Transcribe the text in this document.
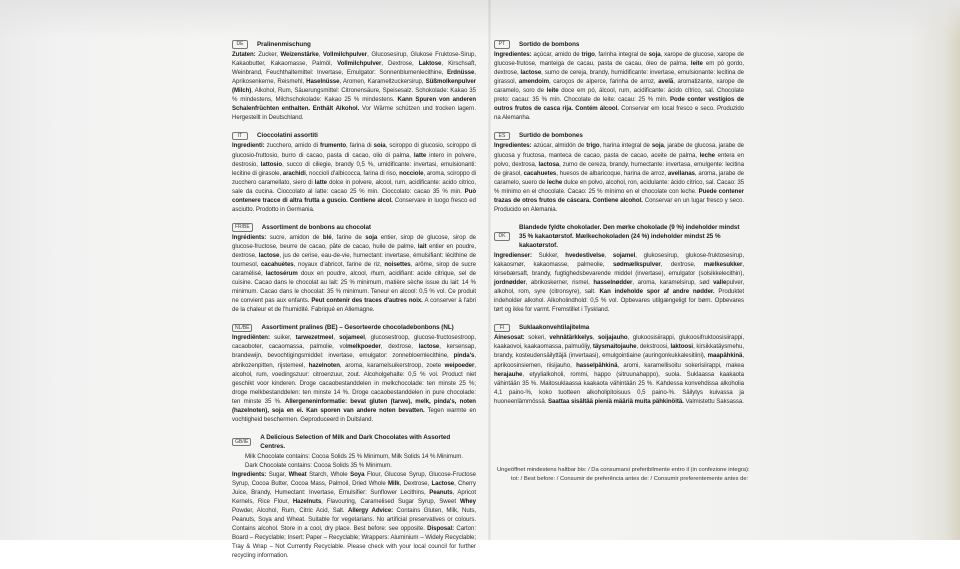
DE	Pralinenmischung
Zutaten: Zucker, Weizenstärke, Vollmilchpulver, Glucosesirup, Glukose Fruktose-Sirup, Kakaobutter, Kakaomasse, Palmöl, Vollmilchpulver, Dextrose, Laktose, Kirschsaft, Weinbrand, Feuchthaltemittel: Invertase, Emulgator: Sonnenblumenlecithine, Erdnüsse, Aprikosenkerne, Reismehl, Haselnüsse, Aromen, Karamellzuckersirup, Süßmolkenpulver (Milch), Alkohol, Rum, Säuerungsmittel: Citronensäure, Speisesalz. Schokolade: Kakao 35 % mindestens, Milchschokolade: Kakao 25 % mindestens. Kann Spuren von anderen Schalenfrüchten enthalten. Enthält Alkohol. Vor Wärme schützen und trocken lagern. Hergestellt in Deutschland.
IT	Cioccolatini assortiti
Ingredienti: zucchero, amido di frumento, farina di soia, sciroppo di glucosio, sciroppo di glucosio-fruttosio, burro di cacao, pasta di cacao, olio di palma, latte intero in polvere, destrosio, lattosio, succo di ciliegie, brandy 0,5 %, umidificante: invertasi, emulsionanti: lecitine di girasole, arachidi, noccioli d'albicocca, farina di riso, nocciole, aroma, sciroppo di zucchero caramellato, siero di latte dolce in polvere, alcool, rum, acidificante: acido citrico, sale da cucina. Cioccolato al latte: cacao 25 % min. Cioccolato: cacao 35 % min. Può contenere tracce di altra frutta a guscio. Contiene alcol. Conservare in luogo fresco ed asciutto. Prodotto in Germania.
FR/BE	Assortiment de bonbons au chocolat
Ingrédients: sucre, amidon de blé, farine de soja entier, sirop de glucose, sirop de glucose-fructose, beurre de cacao, pâte de cacao, huile de palme, lait entier en poudre, dextrose, lactose, jus de cerise, eau-de-vie, humectant: invertase, émulsifiant: lécithine de tournesol, cacahuètes, noyaux d'abricot, farine de riz, noisettes, arôme, sirop de sucre caramélisé, lactosérum doux en poudre, alcool, rhum, acidifiant: acide citrique, sel de cuisine. Cacao dans le chocolat au lait: 25 % minimum, matière sèche issue du lait: 14 % minimum. Cacao dans le chocolat: 35 % minimum. Teneur en alcool: 0,5 % vol. Ce produit ne convient pas aux enfants. Peut contenir des traces d'autres noix. A conserver à l'abri de la chaleur et de l'humidité. Fabriqué en Allemagne.
NL/BE	Assortiment pralines (BE) – Gesorteerde chocoladebonbons (NL)
Ingrediënten: suiker, tarwezetmeel, sojameel, glucosestroop, glucose-fructosestroop, cacaoboter, cacaomassa, palmolie, volmelkpoeder, dextrose, lactose, kersensap, brandewijn, bevochtigingsmiddel: invertase, emulgator: zonnebloemlecithine, pinda's, abrikozenpitten, rijstemeel, hazelnoten, aroma, karamelsuikerstroop, zoete weipoeder, alcohol, rum, voedingszuur: citroenzuur, zout. Alcoholgehalte: 0,5 % vol. Product niet geschikt voor kinderen. Droge cacaobestanddelen in melkchocolade: ten minste 25 %; droge melkbestanddelen: ten minste 14 %. Droge cacaobestanddelen in pure chocolade: ten minste 35 %. Allergeneninformatie: bevat gluten (tarwe), melk, pinda's, noten (hazelnoten), soja en ei. Kan sporen van andere noten bevatten. Tegen warmte en vochtigheid beschermen. Geproduceerd in Duitsland.
GB/IE
A Delicious Selection of Milk and Dark Chocolates with Assorted Centres.
Milk Chocolate contains: Cocoa Solids 25 % Minimum, Milk Solids 14 % Minimum.
Dark Chocolate contains: Cocoa Solids 35 % Minimum.
Ingredients: Sugar, Wheat Starch, Whole Soya Flour, Glucose Syrup, Glucose-Fructose Syrup, Cocoa Butter, Cocoa Mass, Palmoil, Dried Whole Milk, Dextrose, Lactose, Cherry Juice, Brandy, Humectant: Invertase, Emulsifier: Sunflower Lecithins, Peanuts, Apricot Kernels, Rice Flour, Hazelnuts, Flavouring, Caramelised Sugar Syrup, Sweet Whey Powder, Alcohol, Rum, Citric Acid, Salt. Allergy Advice: Contains Gluten, Milk, Nuts, Peanuts, Soya and Wheat. Suitable for vegetarians. No artificial preservatives or colours. Contains alcohol. Store in a cool, dry place. Best before: see opposite. Disposal: Carton: Board – Recyclable; Insert: Paper – Recyclable; Wrappers: Aluminium – Widely Recyclable; Tray & Wrap – Not Currently Recyclable. Please check with your local council for further recycling information.
PT	Sortido de bombons
Ingredientes: açúcar, amido de trigo, farinha integral de soja, xarope de glucose, xarope de glucose-frutose, manteiga de cacau, pasta de cacau, óleo de palma, leite em pó gordo, dextrose, lactose, sumo de cereja, brandy, humidificante: invertase, emulsionante: lecitina de girassol, amendoim, caroços de alperce, farinha de arroz, avelã, aromatizante, xarope de caramelo, soro de leite doce em pó, álcool, rum, acidificante: ácido cítrico, sal. Chocolate preto: cacau: 35 % mín. Chocolate de leite: cacau: 25 % mín. Pode conter vestígios de outros frutos de casca rija. Contém álcool. Conservar em local fresco e seco. Produzido na Alemanha.
ES	Surtido de bombones
Ingredientes: azúcar, almidón de trigo, harina integral de soja, jarabe de glucosa, jarabe de glucosa y fructosa, manteca de cacao, pasta de cacao, aceite de palma, leche entera en polvo, dextrosa, lactosa, zumo de cereza, brandy, humectante: invertasa, emulgente: lecitina de girasol, cacahuetes, huesos de albaricoque, harina de arroz, avellanas, aroma, jarabe de caramelo, suero de leche dulce en polvo, alcohol, ron, acidulante: ácido cítrico, sal. Cacao: 35 % mínimo en el chocolate. Cacao: 25 % mínimo en el chocolate con leche. Puede contener trazas de otros frutos de cáscara. Contiene alcohol. Conservar en un lugar fresco y seco. Producido en Alemania.
DK
Blandede fyldte chokolader. Den mørke chokolade (9 %) indeholder mindst 35 % kakaotørstof. Mælkechokoladen (24 %) indeholder mindst 25 % kakaotørstof.
Ingredienser: Sukker, hvedestivelse, sojamel, glukosesirup, glukose-fruktosesirup, kakaosmør, kakaomasse, palmeolie, sødmælkspulver, dextrose, mælkesukker, kirsebærsaft, brandy, fugtighedsbevarende middel (invertase), emulgator (solsikkelecithin), jordnødder, abrikoskerner, rismel, hasselnødder, aroma, karamelsirup, sød vallepulver, alkohol, rom, syre (citronsyre), salt. Kan indeholde spor af andre nødder. Produktet indeholder alkohol. Alkoholindhold: 0,5 % vol. Opbevares utilgængeligt for børn. Opbevares tørt og ikke for varmt. Fremstillet i Tyskland.
FI	Suklaakonvehtilajitelma
Ainesosat: sokeri, vehnätärkkelys, soijajauho, glukoosisiirappi, glukoosifruktoosisiirappi, kaakaovoi, kaakaomassa, palmuöljy, täysmaitojauhe, dekstroosi, laktoosi, kirsikkatäysmehu, brandy, kosteudensäilyttäjä (invertaasi), emulgointiaine (auringonkukkalesitiini), maapähkinä, aprikoosinsiemen, riisijauho, hasselpähkinä, aromi, karamellisoitu sokerisiirappi, makea herajauhe, etyylialkoholi, rommi, happo (sitruunahappo), suola. Suklaassa kaakaota vähintään 35 %. Maitosuklaassa kaakaota vähintään 25 %. Kahdessa konvehdissa alkoholia 4,1 paino-%, koko tuotteen alkoholipitoisuus 0,5 paino-%. Säilytys kuivassa ja huoneenlämmössä. Saattaa sisältää pieniä määriä muita pähkinöitä. Valmistettu Saksassa.
Ungeöffnet mindestens haltbar bis: / Da consumarsi preferibilmente entro il (in confezione integra):
tot: / Best before: / Consumir de preferência antes de: / Consumir preferentemente antes de:
